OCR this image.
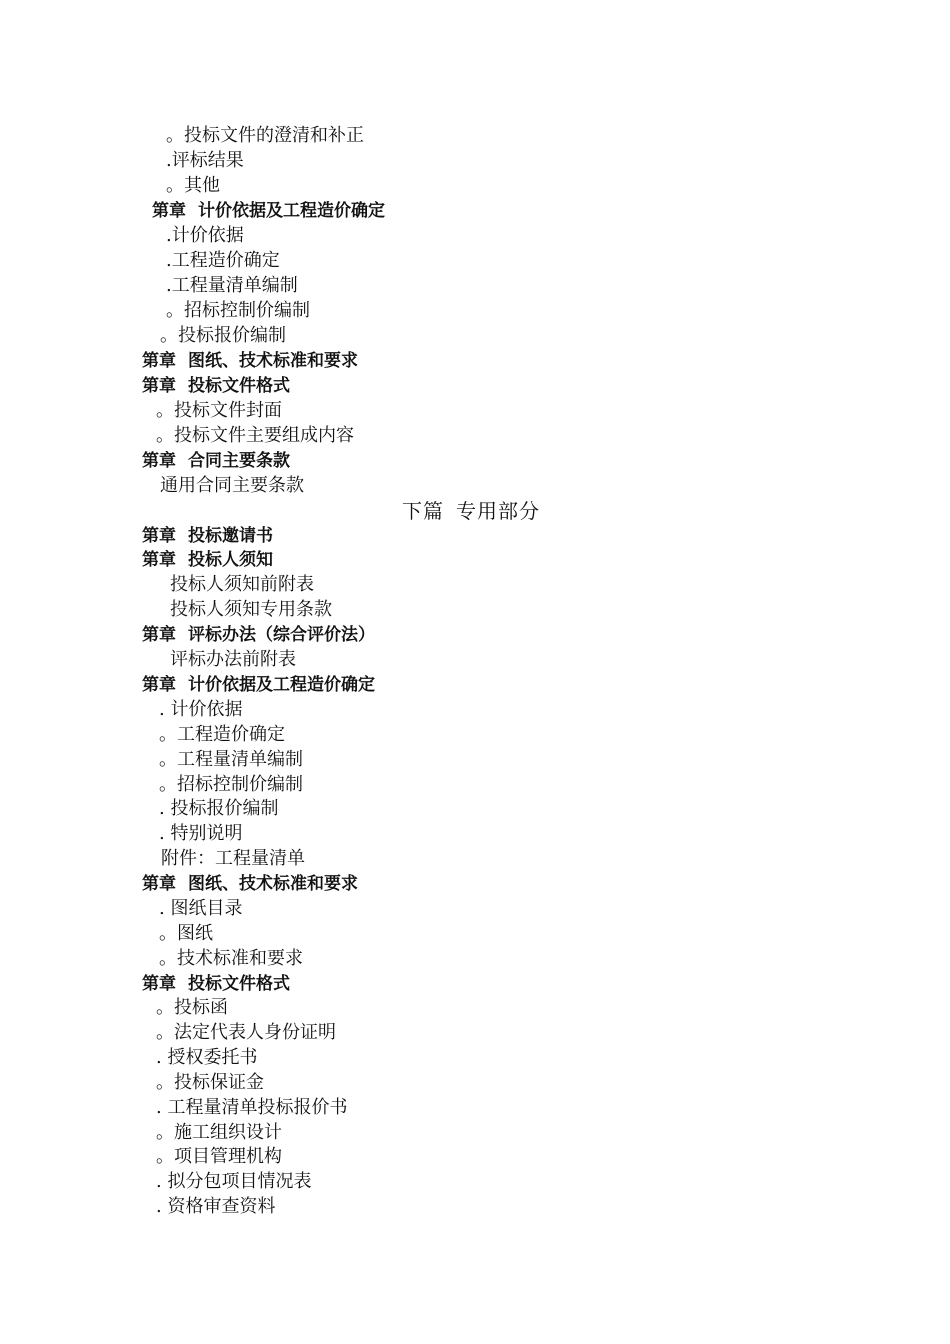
。投标文件的澄清和补正
.评标结果
。其他
第章 计价依据及工程造价确定
.计价依据
.工程造价确定
.工程量清单编制
。招标控制价编制
。投标报价编制
第章 图纸、技术标准和要求
第章 投标文件格式
。投标文件封面
。投标文件主要组成内容
第章 合同主要条款
通用合同主要条款
下篇 专用部分
第章 投标邀请书
第章 投标人须知
投标人须知前附表
投标人须知专用条款
第章 评标办法（综合评价法）
评标办法前附表
第章 计价依据及工程造价确定
. 计价依据
。工程造价确定
。工程量清单编制
。招标控制价编制
. 投标报价编制
. 特别说明
附件：工程量清单
第章 图纸、技术标准和要求
. 图纸目录
。图纸
。技术标准和要求
第章 投标文件格式
。投标函
。法定代表人身份证明
. 授权委托书
。投标保证金
. 工程量清单投标报价书
。施工组织设计
。项目管理机构
. 拟分包项目情况表
. 资格审查资料
